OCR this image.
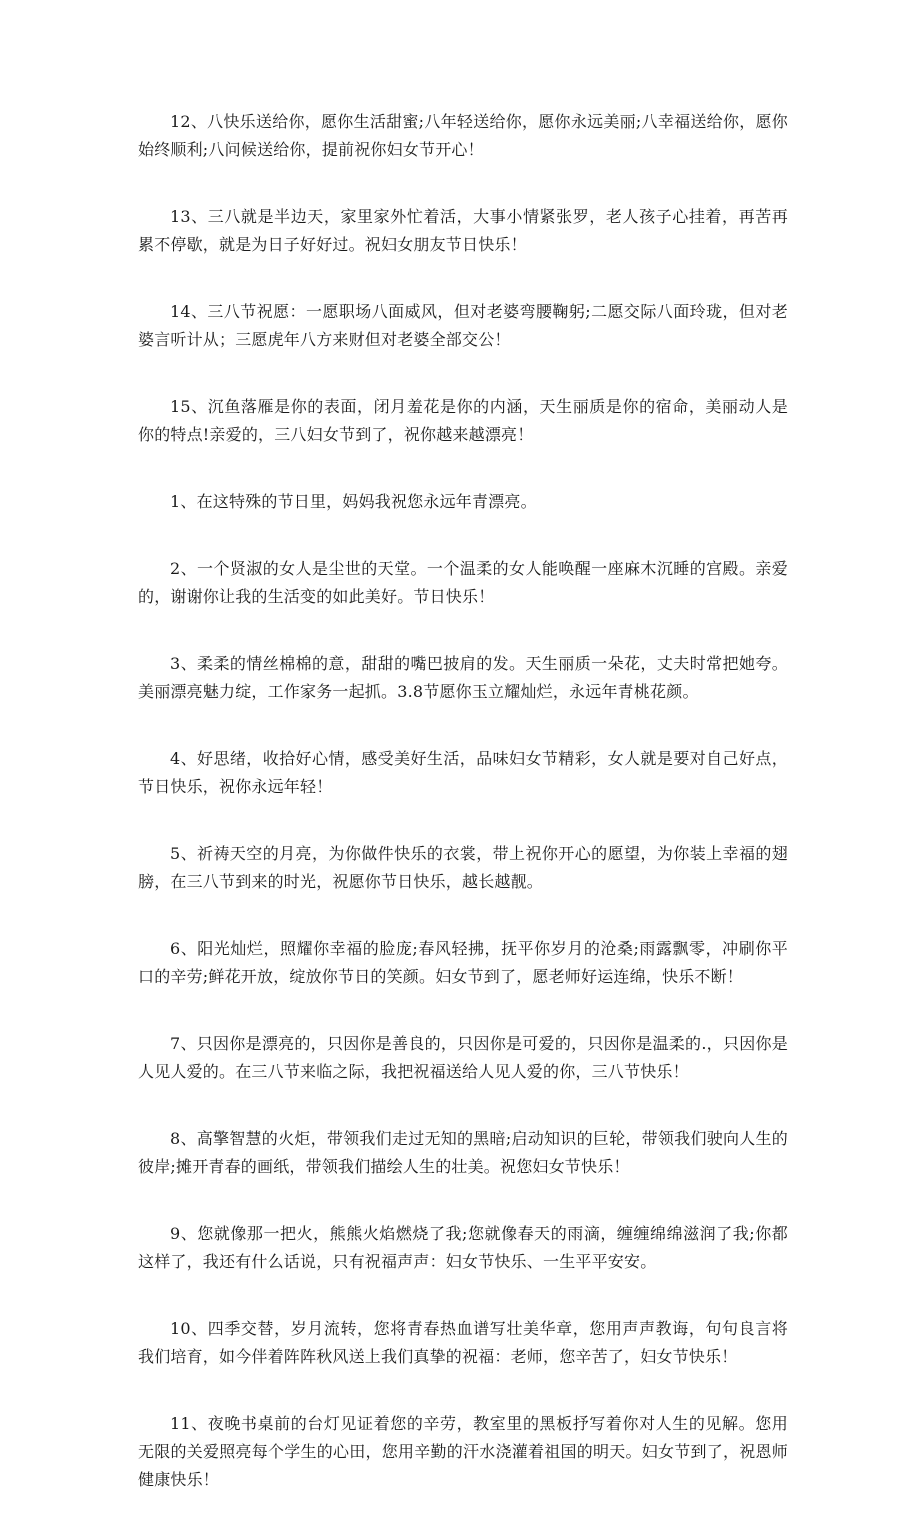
12、八快乐送给你，愿你生活甜蜜;八年轻送给你，愿你永远美丽;八幸福送给你，愿你始终顺利;八问候送给你，提前祝你妇女节开心！

13、三八就是半边天，家里家外忙着活，大事小情紧张罗，老人孩子心挂着，再苦再累不停歇，就是为日子好好过。祝妇女朋友节日快乐！

14、三八节祝愿：一愿职场八面威风，但对老婆弯腰鞠躬;二愿交际八面玲珑，但对老婆言听计从；三愿虎年八方来财但对老婆全部交公！

15、沉鱼落雁是你的表面，闭月羞花是你的内涵，天生丽质是你的宿命，美丽动人是你的特点!亲爱的，三八妇女节到了，祝你越来越漂亮！

1、在这特殊的节日里，妈妈我祝您永远年青漂亮。

2、一个贤淑的女人是尘世的天堂。一个温柔的女人能唤醒一座麻木沉睡的宫殿。亲爱的，谢谢你让我的生活变的如此美好。节日快乐！

3、柔柔的情丝棉棉的意，甜甜的嘴巴披肩的发。天生丽质一朵花，丈夫时常把她夸。美丽漂亮魅力绽，工作家务一起抓。3.8节愿你玉立耀灿烂，永远年青桃花颜。

4、好思绪，收拾好心情，感受美好生活，品味妇女节精彩，女人就是要对自己好点，节日快乐，祝你永远年轻！

5、祈祷天空的月亮，为你做件快乐的衣裳，带上祝你开心的愿望，为你装上幸福的翅膀，在三八节到来的时光，祝愿你节日快乐，越长越靓。

6、阳光灿烂，照耀你幸福的脸庞;春风轻拂，抚平你岁月的沧桑;雨露飘零，冲刷你平口的辛劳;鲜花开放，绽放你节日的笑颜。妇女节到了，愿老师好运连绵，快乐不断！

7、只因你是漂亮的，只因你是善良的，只因你是可爱的，只因你是温柔的.，只因你是人见人爱的。在三八节来临之际，我把祝福送给人见人爱的你，三八节快乐！

8、高擎智慧的火炬，带领我们走过无知的黑暗;启动知识的巨轮，带领我们驶向人生的彼岸;摊开青春的画纸，带领我们描绘人生的壮美。祝您妇女节快乐！

9、您就像那一把火，熊熊火焰燃烧了我;您就像春天的雨滴，缠缠绵绵滋润了我;你都这样了，我还有什么话说，只有祝福声声：妇女节快乐、一生平平安安。

10、四季交替，岁月流转，您将青春热血谱写壮美华章，您用声声教诲，句句良言将我们培育，如今伴着阵阵秋风送上我们真挚的祝福：老师，您辛苦了，妇女节快乐！

11、夜晚书桌前的台灯见证着您的辛劳，教室里的黑板抒写着你对人生的见解。您用无限的关爱照亮每个学生的心田，您用辛勤的汗水浇灌着祖国的明天。妇女节到了，祝恩师健康快乐！
